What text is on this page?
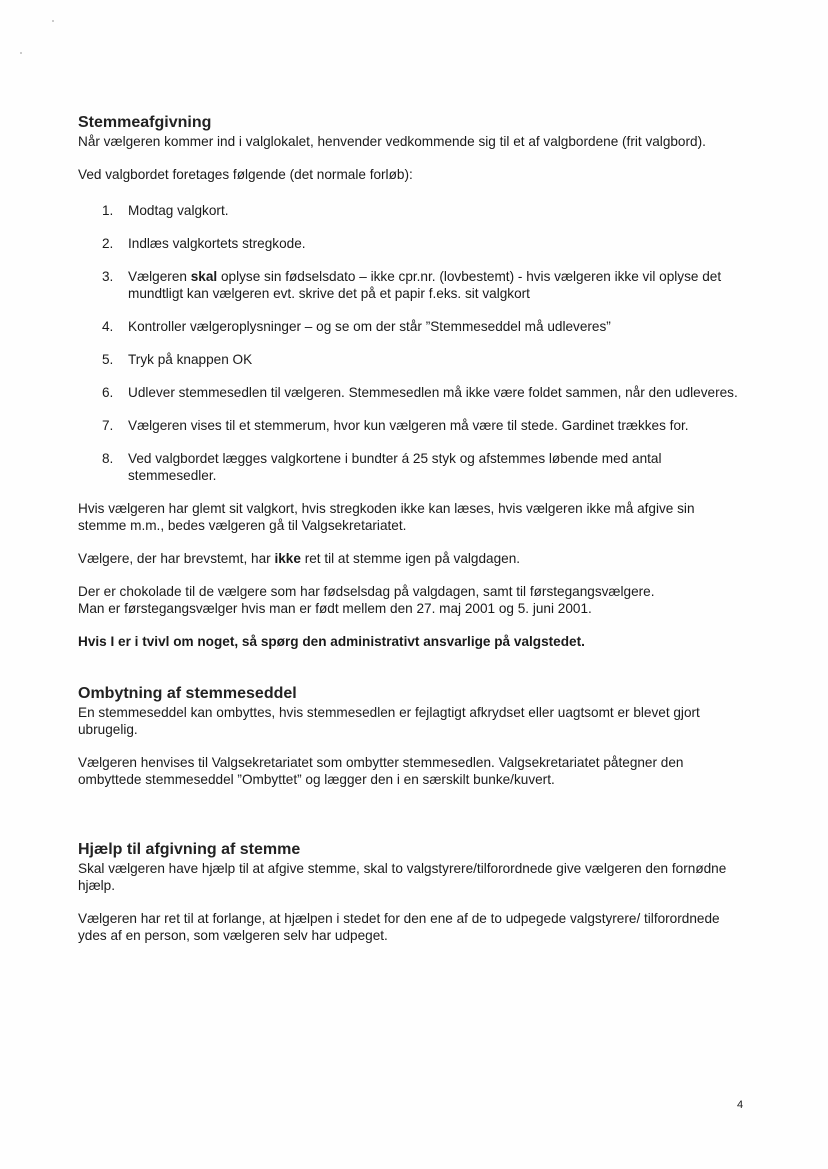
Stemmeafgivning

Når vælgeren kommer ind i valglokalet, henvender vedkommende sig til et af valgbordene (frit valgbord).

Ved valgbordet foretages følgende (det normale forløb):

1. Modtag valgkort.
2. Indlæs valgkortets stregkode.
3. Vælgeren skal oplyse sin fødselsdato – ikke cpr.nr. (lovbestemt) - hvis vælgeren ikke vil oplyse det mundtligt kan vælgeren evt. skrive det på et papir f.eks. sit valgkort
4. Kontroller vælgeroplysninger – og se om der står ”Stemmeseddel må udleveres”
5. Tryk på knappen OK
6. Udlever stemmesedlen til vælgeren. Stemmesedlen må ikke være foldet sammen, når den udleveres.
7. Vælgeren vises til et stemmerum, hvor kun vælgeren må være til stede. Gardinet trækkes for.
8. Ved valgbordet lægges valgkortene i bundter á 25 styk og afstemmes løbende med antal stemmesedler.

Hvis vælgeren har glemt sit valgkort, hvis stregkoden ikke kan læses, hvis vælgeren ikke må afgive sin stemme m.m., bedes vælgeren gå til Valgsekretariatet.

Vælgere, der har brevstemt, har ikke ret til at stemme igen på valgdagen.

Der er chokolade til de vælgere som har fødselsdag på valgdagen, samt til førstegangsvælgere.

Man er førstegangsvælger hvis man er født mellem den 27. maj 2001 og 5. juni 2001.

Hvis I er i tvivl om noget, så spørg den administrativt ansvarlige på valgstedet.

Ombytning af stemmeseddel

En stemmeseddel kan ombyttes, hvis stemmesedlen er fejlagtigt afkrydset eller uagtsomt er blevet gjort ubrugelig.

Vælgeren henvises til Valgsekretariatet som ombytter stemmesedlen. Valgsekretariatet påtegner den ombyttede stemmeseddel ”Ombyttet” og lægger den i en særskilt bunke/kuvert.

Hjælp til afgivning af stemme

Skal vælgeren have hjælp til at afgive stemme, skal to valgstyrere/tilforordnede give vælgeren den fornødne hjælp.

Vælgeren har ret til at forlange, at hjælpen i stedet for den ene af de to udpegede valgstyrere/ tilforordnede ydes af en person, som vælgeren selv har udpeget.

4
